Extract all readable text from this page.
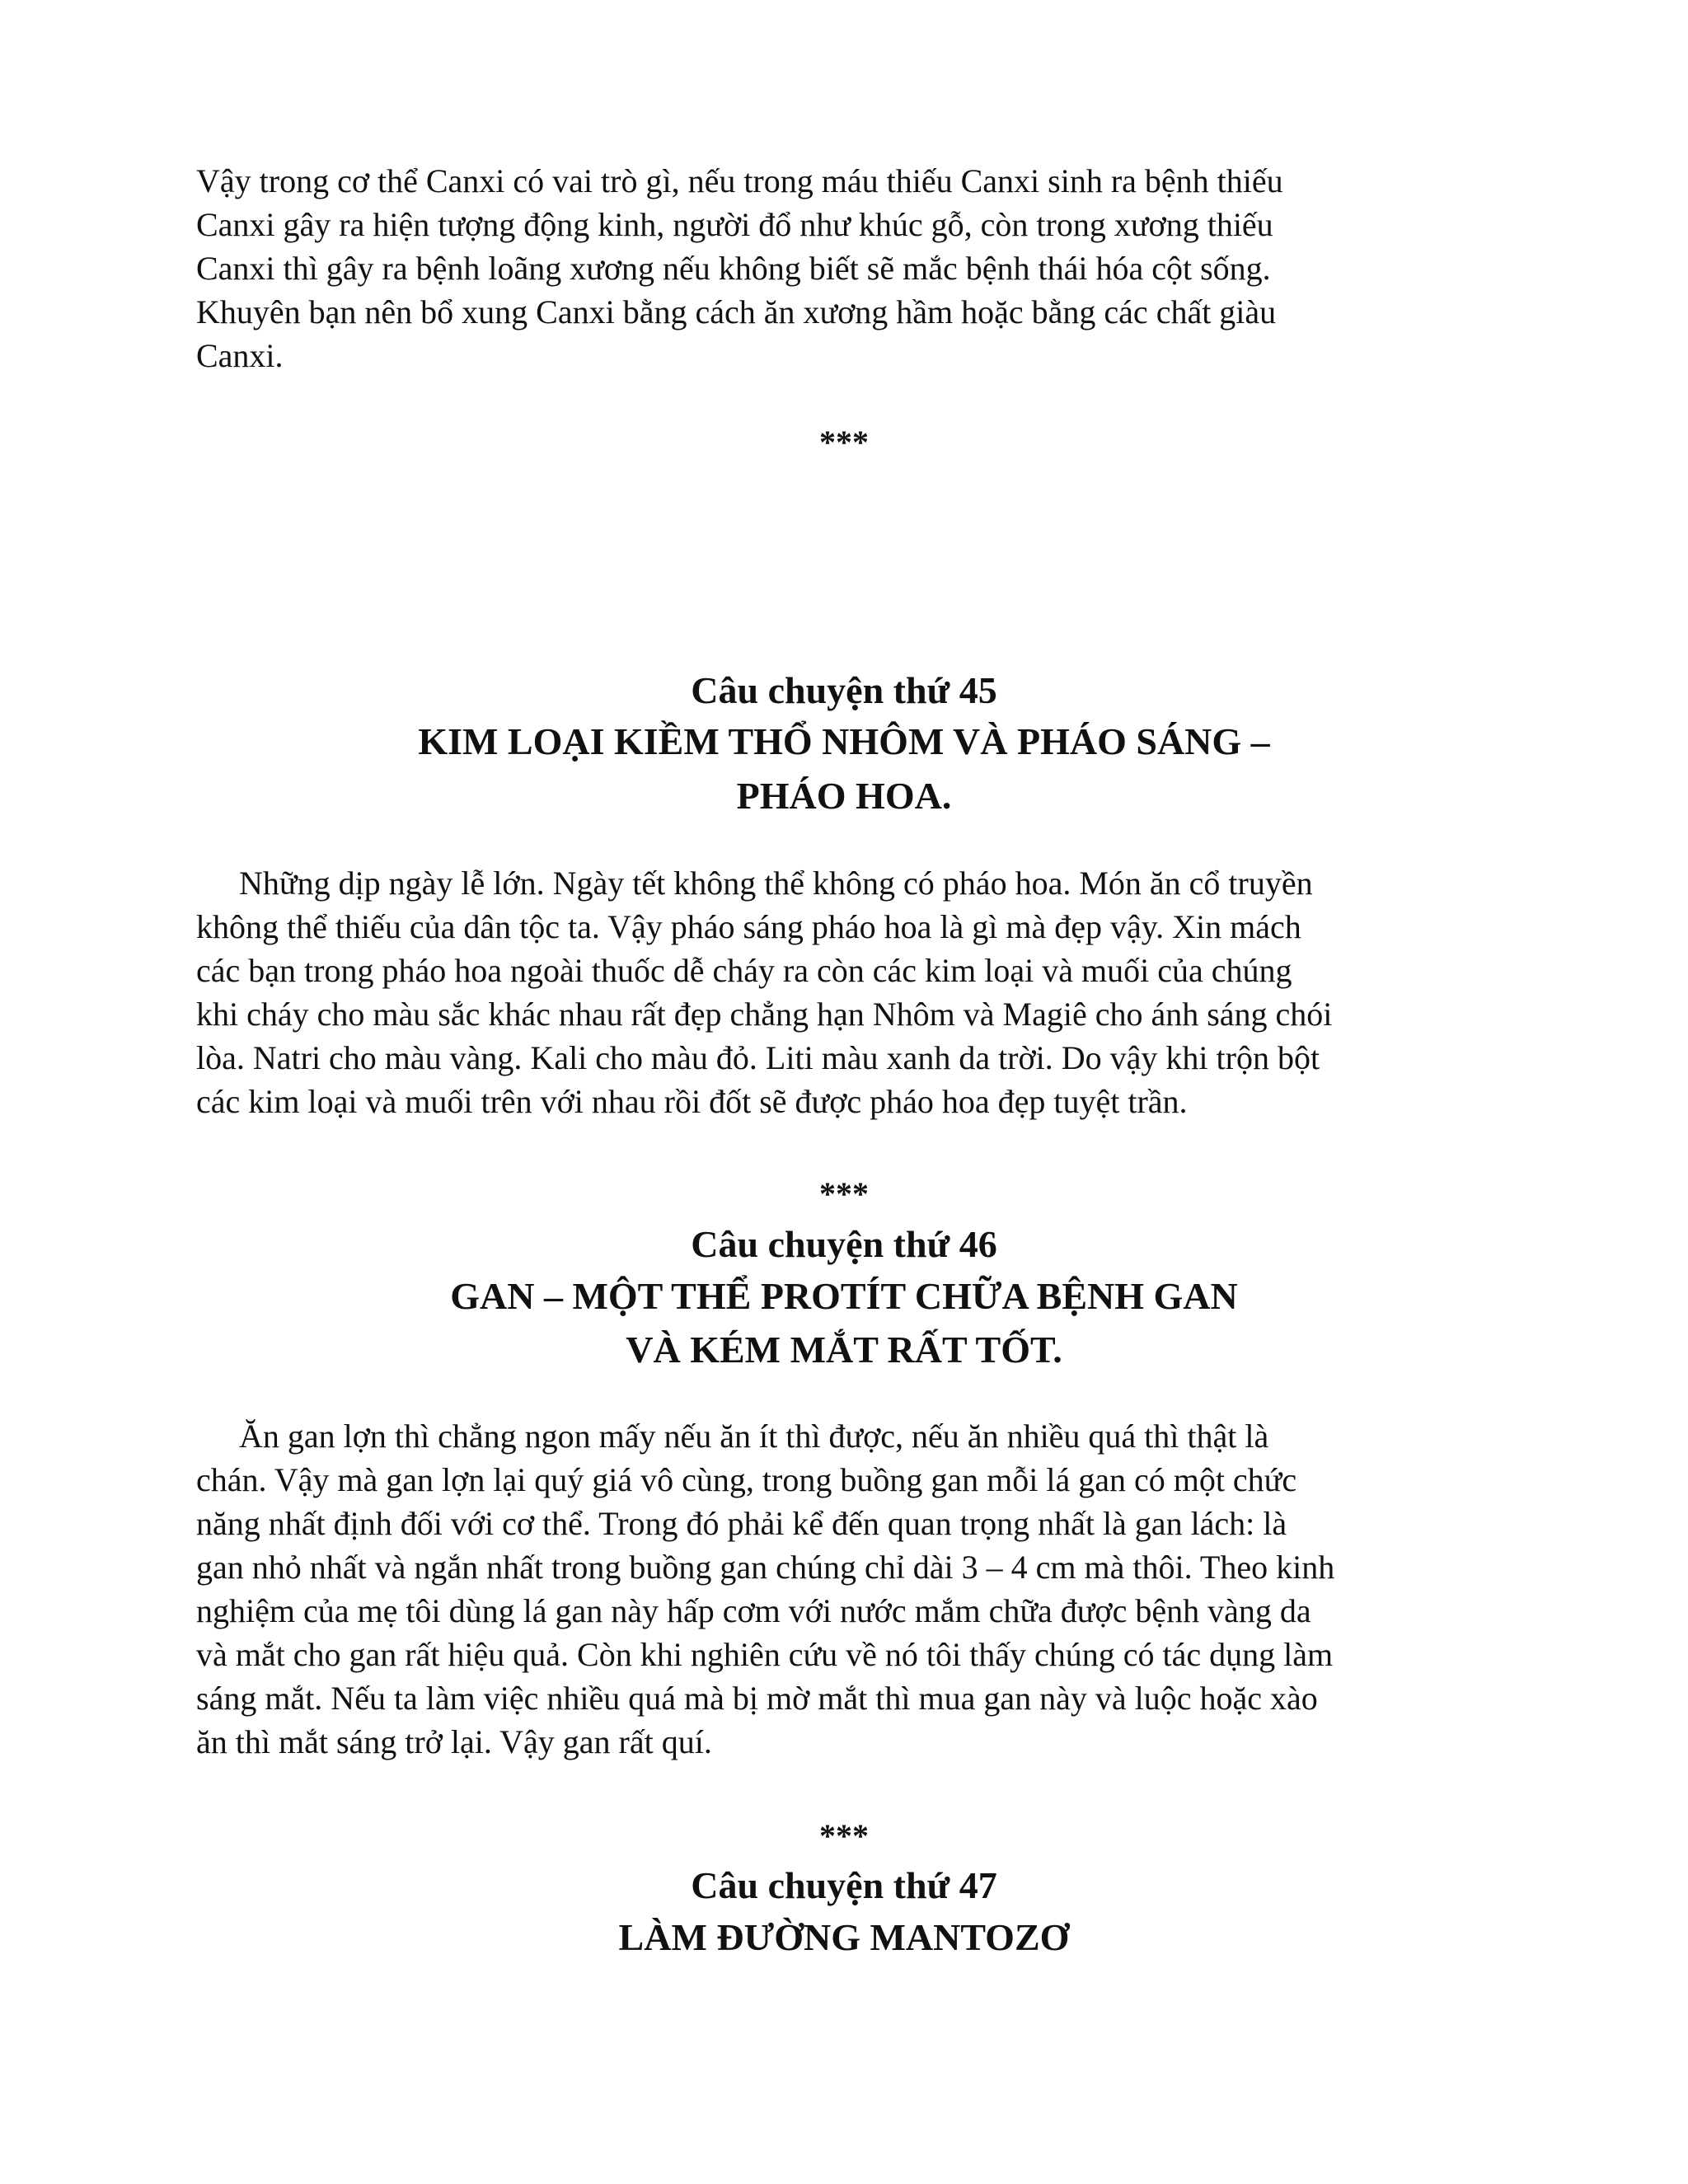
Vậy trong cơ thể Canxi có vai trò gì, nếu trong máu thiếu Canxi sinh ra bệnh thiếu
Canxi gây ra hiện tượng động kinh, người đổ như khúc gỗ, còn trong xương thiếu
Canxi thì gây ra bệnh loãng xương nếu không biết sẽ mắc bệnh thái hóa cột sống.
Khuyên bạn nên bổ xung Canxi bằng cách ăn xương hầm hoặc bằng các chất giàu
Canxi.

***

Câu chuyện thứ 45

KIM LOẠI KIỀM THỔ NHÔM VÀ PHÁO SÁNG –

PHÁO HOA.

Những dịp ngày lễ lớn. Ngày tết không thể không có pháo hoa. Món ăn cổ truyền
không thể thiếu của dân tộc ta. Vậy pháo sáng pháo hoa là gì mà đẹp vậy. Xin mách
các bạn trong pháo hoa ngoài thuốc dễ cháy ra còn các kim loại và muối của chúng
khi cháy cho màu sắc khác nhau rất đẹp chẳng hạn Nhôm và Magiê cho ánh sáng chói
lòa. Natri cho màu vàng. Kali cho màu đỏ. Liti màu xanh da trời. Do vậy khi trộn bột
các kim loại và muối trên với nhau rồi đốt sẽ được pháo hoa đẹp tuyệt trần.

***

Câu chuyện thứ 46

GAN – MỘT THỂ PROTÍT CHỮA BỆNH GAN

VÀ KÉM MẮT RẤT TỐT.

Ăn gan lợn thì chẳng ngon mấy nếu ăn ít thì được, nếu ăn nhiều quá thì thật là
chán. Vậy mà gan lợn lại quý giá vô cùng, trong buồng gan mỗi lá gan có một chức
năng nhất định đối với cơ thể. Trong đó phải kể đến quan trọng nhất là gan lách: là
gan nhỏ nhất và ngắn nhất trong buồng gan chúng chỉ dài 3 – 4 cm mà thôi. Theo kinh
nghiệm của mẹ tôi dùng lá gan này hấp cơm với nước mắm chữa được bệnh vàng da
và mắt cho gan rất hiệu quả. Còn khi nghiên cứu về nó tôi thấy chúng có tác dụng làm
sáng mắt. Nếu ta làm việc nhiều quá mà bị mờ mắt thì mua gan này và luộc hoặc xào
ăn thì mắt sáng trở lại. Vậy gan rất quí.

***

Câu chuyện thứ 47

LÀM ĐƯỜNG MANTOZƠ
